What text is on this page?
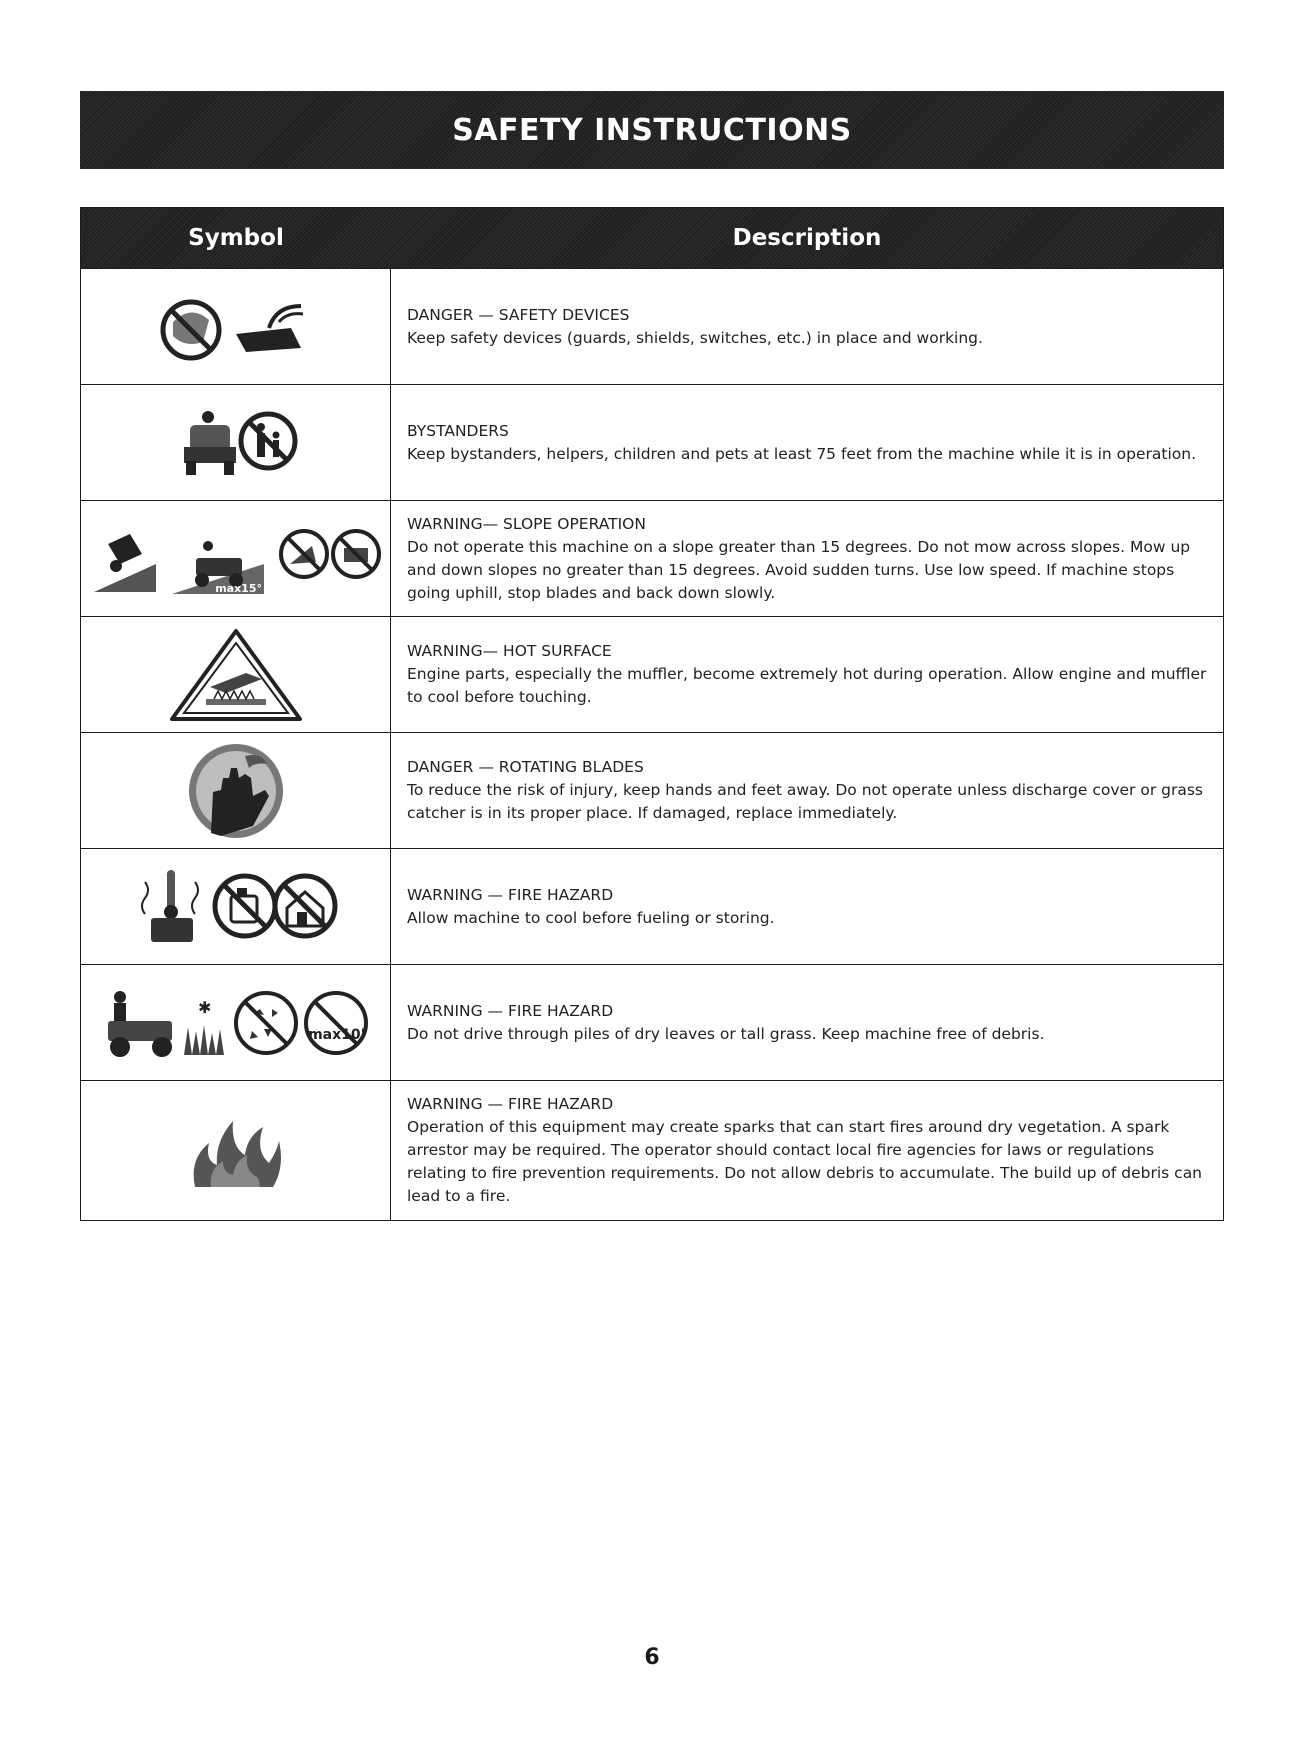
SAFETY INSTRUCTIONS
Symbol	Description
DANGER — SAFETY DEVICES
Keep safety devices (guards, shields, switches, etc.) in place and working.
BYSTANDERS
Keep bystanders, helpers, children and pets at least 75 feet from the machine while it is in operation.
max15°
WARNING— SLOPE OPERATION
Do not operate this machine on a slope greater than 15 degrees. Do not mow across slopes. Mow up and down slopes no greater than 15 degrees. Avoid sudden turns. Use low speed. If machine stops going uphill, stop blades and back down slowly.
WARNING— HOT SURFACE
Engine parts, especially the muffler, become extremely hot during operation. Allow engine and muffler to cool before touching.
DANGER — ROTATING BLADES
To reduce the risk of injury, keep hands and feet away. Do not operate unless discharge cover or grass catcher is in its proper place. If damaged, replace immediately.
WARNING — FIRE HAZARD
Allow machine to cool before fueling or storing.
✱
max10"
WARNING — FIRE HAZARD
Do not drive through piles of dry leaves or tall grass. Keep machine free of debris.
WARNING — FIRE HAZARD
Operation of this equipment may create sparks that can start fires around dry vegetation. A spark arrestor may be required. The operator should contact local fire agencies for laws or regulations relating to fire prevention requirements. Do not allow debris to accumulate. The build up of debris can lead to a fire.
6
